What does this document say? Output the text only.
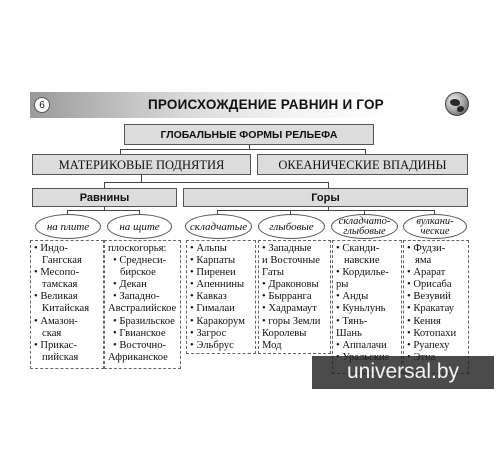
6	ПРОИСХОЖДЕНИЕ РАВНИН И ГОР
ГЛОБАЛЬНЫЕ ФОРМЫ РЕЛЬЕФА
МАТЕРИКОВЫЕ ПОДНЯТИЯ	ОКЕАНИЧЕСКИЕ ВПАДИНЫ
Равнины	Горы
на плите	на щите	складчатые	глыбовые	складчато-
глыбовые
вулкани-
ческие
• Индо-
Гангская
• Месопо-
тамская
• Великая
Китайская
• Амазон-
ская
• Прикас-
пийская
плоскогорья:
• Среднеси-
бирское
• Декан
• Западно-
Австралийское
• Бразильское
• Гвианское
• Восточно-
Африканское
• Альпы
• Карпаты
• Пиренеи
• Апеннины
• Кавказ
• Гималаи
• Каракорум
• Загрос
• Эльбрус
• Западные
и Восточные
Гаты
• Драконовы
• Бырранга
• Хадрамаут
• горы Земли
Королевы
Мод
• Сканди-
навские
• Кордилье-
ры
• Анды
• Куньлунь
• Тянь-
Шань
• Аппалачи
• Фудзи-
яма
• Арарат
• Орисаба
• Везувий
• Кракатау
• Кения
• Котопахи
• Руапеху
universal.by
